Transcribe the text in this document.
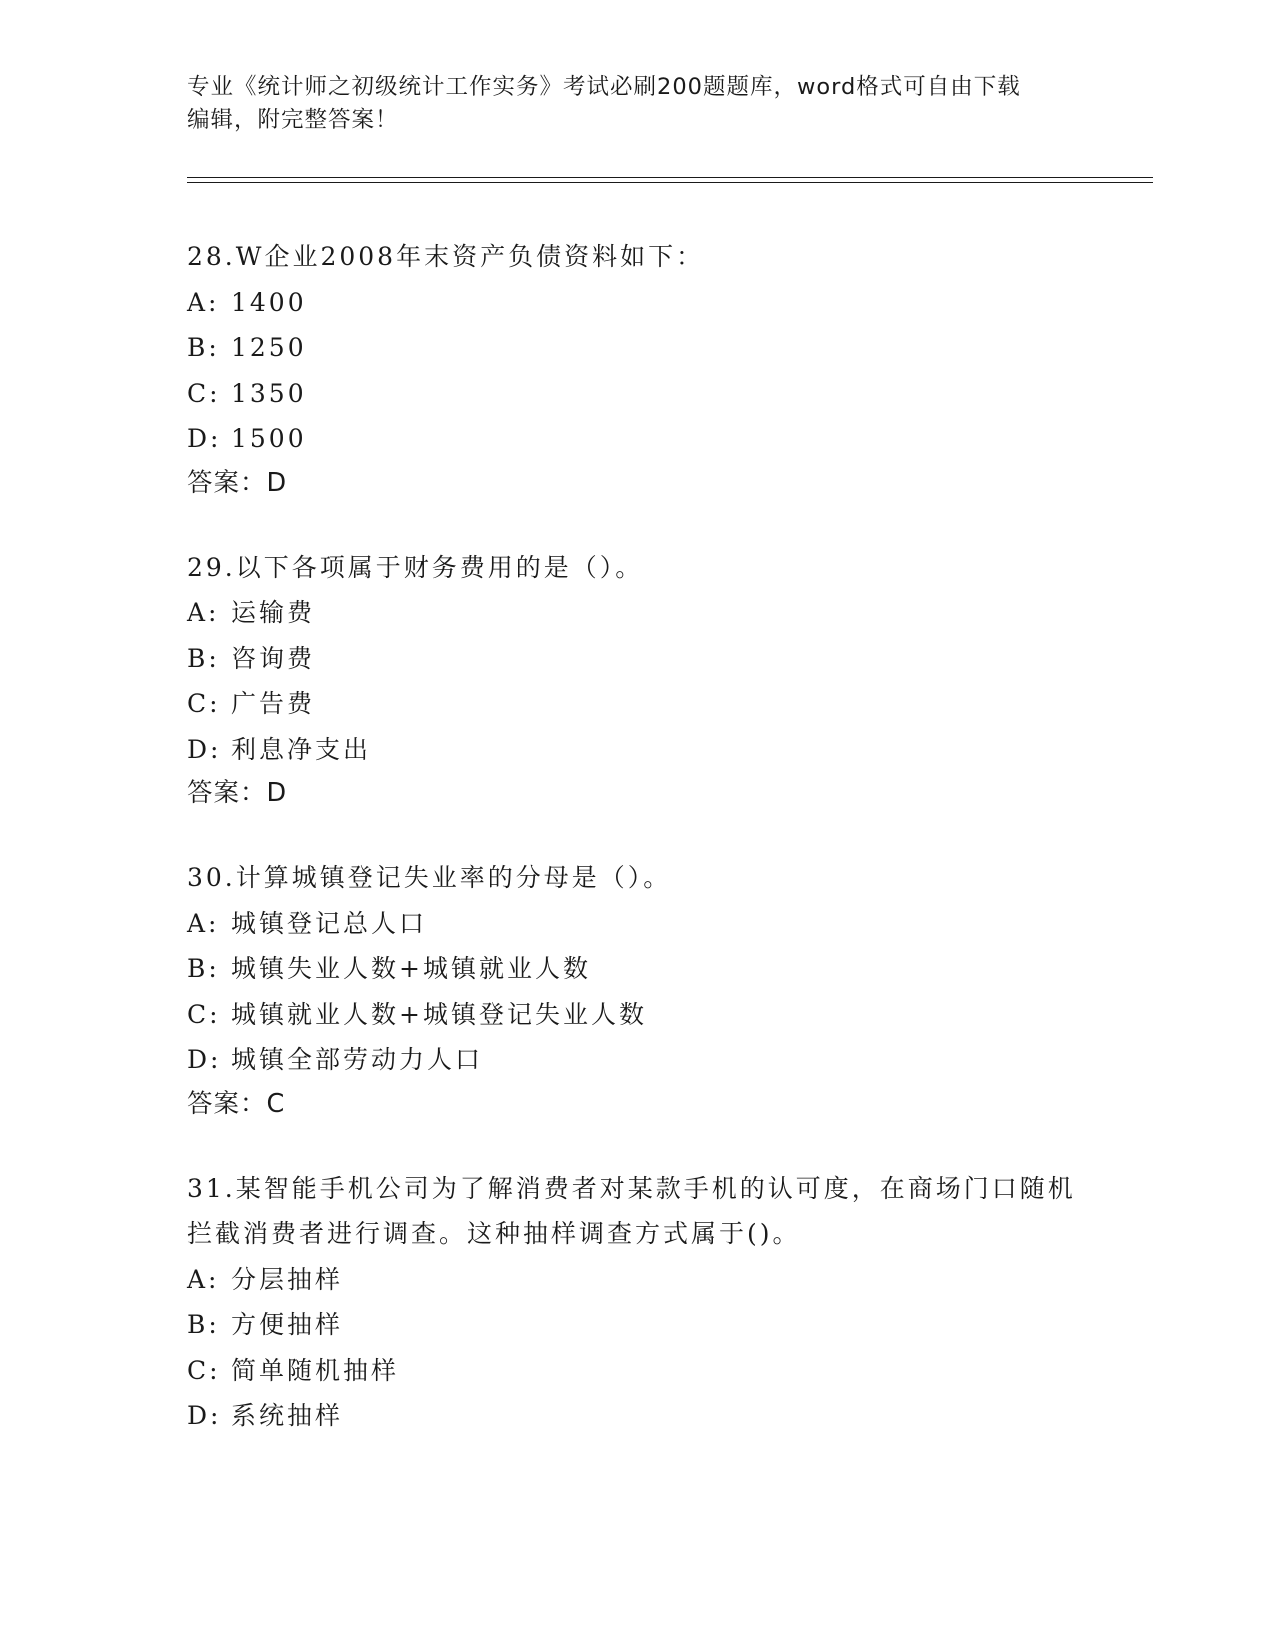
专业《统计师之初级统计工作实务》考试必刷200题题库，word格式可自由下载
编辑，附完整答案！
28.W企业2008年末资产负债资料如下：
A: 1400
B: 1250
C: 1350
D: 1500
答案：D
29.以下各项属于财务费用的是（）。
A: 运输费
B: 咨询费
C: 广告费
D: 利息净支出
答案：D
30.计算城镇登记失业率的分母是（）。
A: 城镇登记总人口
B: 城镇失业人数+城镇就业人数
C: 城镇就业人数+城镇登记失业人数
D: 城镇全部劳动力人口
答案：C
31.某智能手机公司为了解消费者对某款手机的认可度，在商场门口随机拦截消费者进行调查。这种抽样调查方式属于()。
A: 分层抽样
B: 方便抽样
C: 简单随机抽样
D: 系统抽样
